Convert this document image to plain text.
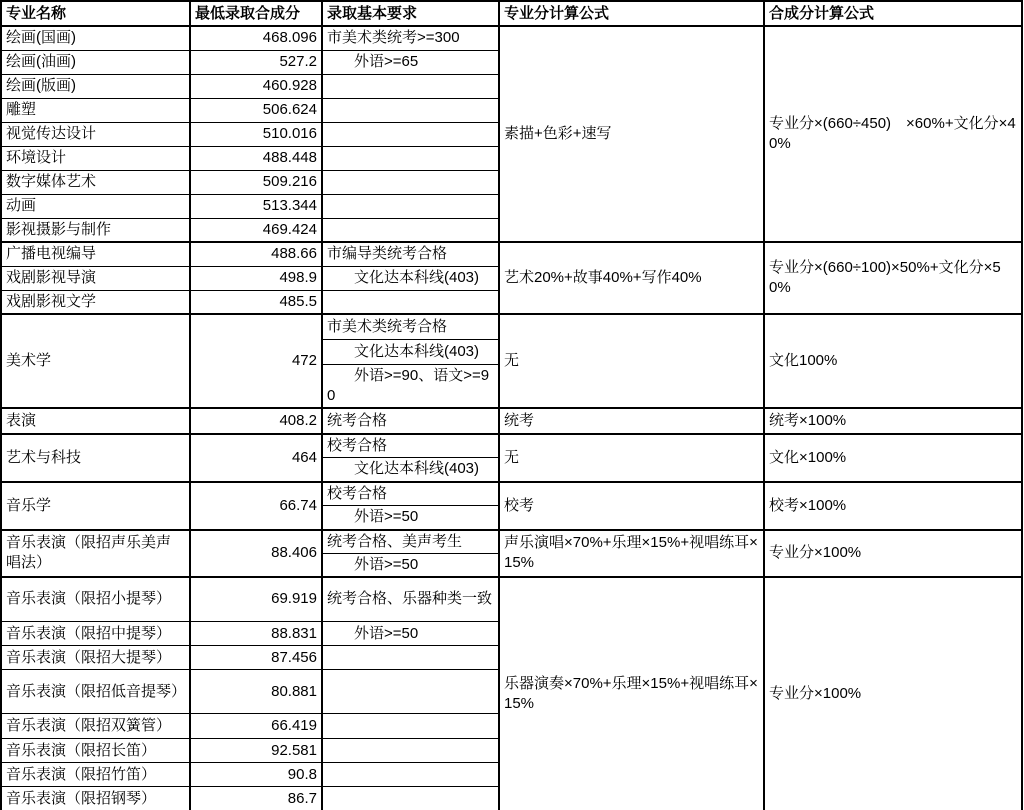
专业名称	最低录取合成分	录取基本要求	专业分计算公式	合成分计算公式
绘画(国画)	468.096	市美术类统考>=300	素描+色彩+速写	专业分×(660÷450)　×60%+文化分×40%
绘画(油画)	527.2	外语>=65		
绘画(版画)	460.928			
雕塑	506.624			
视觉传达设计	510.016			
环境设计	488.448			
数字媒体艺术	509.216			
动画	513.344			
影视摄影与制作	469.424			
广播电视编导	488.66	市编导类统考合格	艺术20%+故事40%+写作40%	专业分×(660÷100)×50%+文化分×50%
戏剧影视导演	498.9	文化达本科线(403)		
戏剧影视文学	485.5			
美术学	472	市美术类统考合格	无	文化100%
		文化达本科线(403)		
		外语>=90、语文>=90		
表演	408.2	统考合格	统考	统考×100%
艺术与科技	464	校考合格	无	文化×100%
		文化达本科线(403)		
音乐学	66.74	校考合格	校考	校考×100%
		外语>=50		
音乐表演（限招声乐美声唱法）	88.406	统考合格、美声考生	声乐演唱×70%+乐理×15%+视唱练耳×15%	专业分×100%
		外语>=50		
音乐表演（限招小提琴）	69.919	统考合格、乐器种类一致	乐器演奏×70%+乐理×15%+视唱练耳×15%	专业分×100%
音乐表演（限招中提琴）	88.831	外语>=50		
音乐表演（限招大提琴）	87.456			
音乐表演（限招低音提琴）	80.881			
音乐表演（限招双簧管）	66.419			
音乐表演（限招长笛）	92.581			
音乐表演（限招竹笛）	90.8			
音乐表演（限招钢琴）	86.7			
